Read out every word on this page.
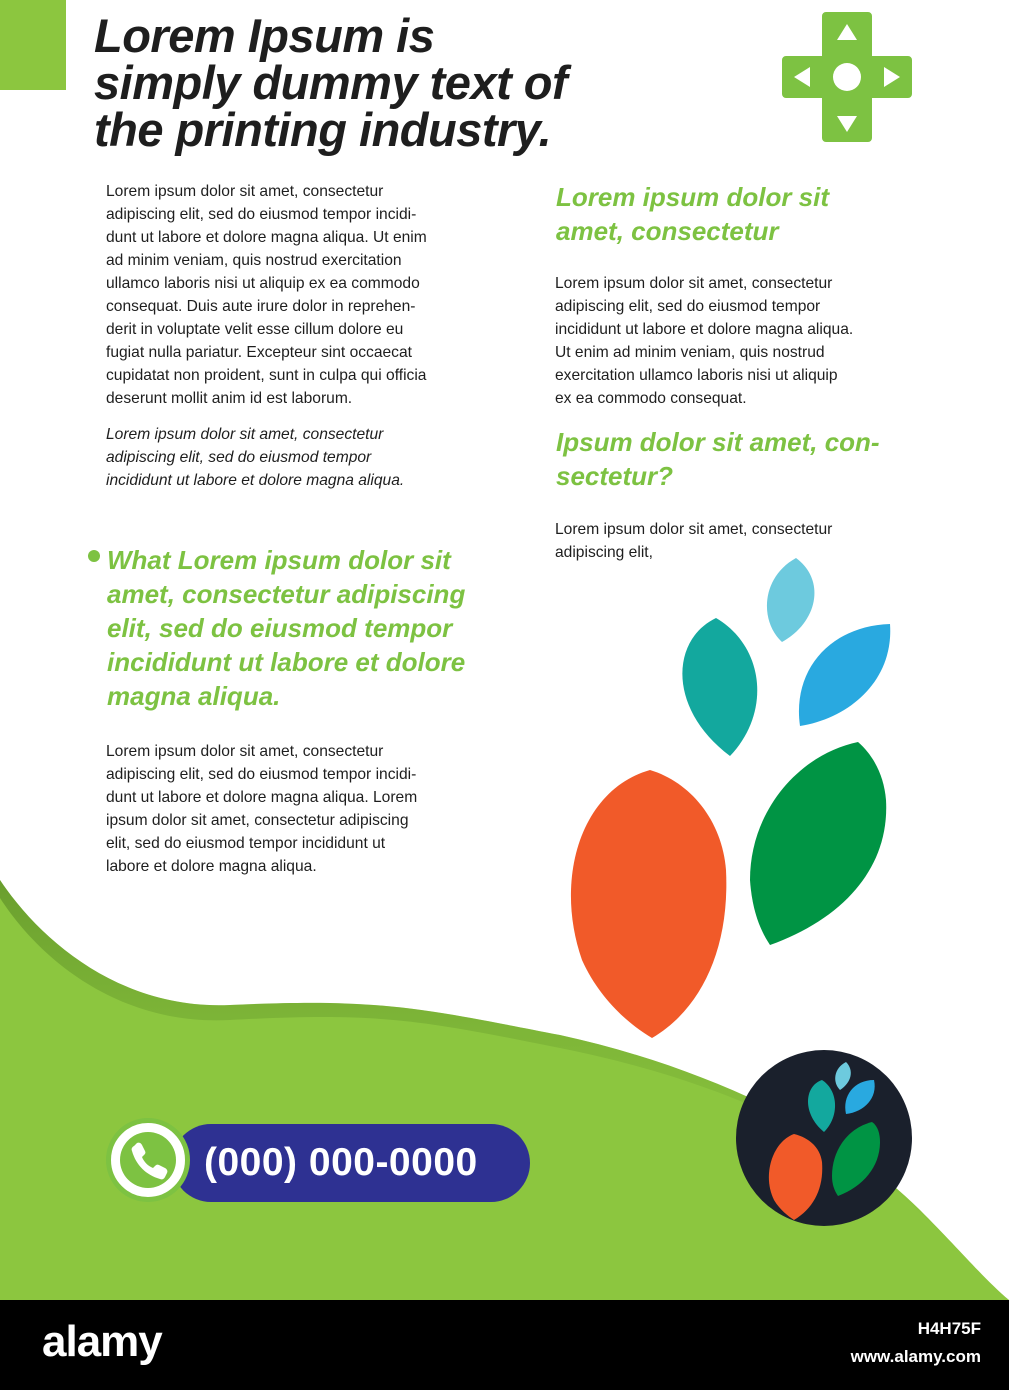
Lorem Ipsum is
simply dummy text of
the printing industry.

Lorem ipsum dolor sit amet, consectetur
adipiscing elit, sed do eiusmod tempor incidi-
dunt ut labore et dolore magna aliqua. Ut enim
ad minim veniam, quis nostrud exercitation
ullamco laboris nisi ut aliquip ex ea commodo
consequat. Duis aute irure dolor in reprehen-
derit in voluptate velit esse cillum dolore eu
fugiat nulla pariatur. Excepteur sint occaecat
cupidatat non proident, sunt in culpa qui officia
deserunt mollit anim id est laborum.

Lorem ipsum dolor sit amet, consectetur
adipiscing elit, sed do eiusmod tempor
incididunt ut labore et dolore magna aliqua.

What Lorem ipsum dolor sit
amet, consectetur adipiscing
elit, sed do eiusmod tempor
incididunt ut labore et dolore
magna aliqua.

Lorem ipsum dolor sit amet, consectetur
adipiscing elit, sed do eiusmod tempor incidi-
dunt ut labore et dolore magna aliqua. Lorem
ipsum dolor sit amet, consectetur adipiscing
elit, sed do eiusmod tempor incididunt ut
labore et dolore magna aliqua.

Lorem ipsum dolor sit
amet, consectetur

Lorem ipsum dolor sit amet, consectetur
adipiscing elit, sed do eiusmod tempor
incididunt ut labore et dolore magna aliqua.
Ut enim ad minim veniam, quis nostrud
exercitation ullamco laboris nisi ut aliquip
ex ea commodo consequat.

Ipsum dolor sit amet, con-
sectetur?

Lorem ipsum dolor sit amet, consectetur
adipiscing elit,

(000) 000-0000
alamy	H4H75F
www.alamy.com
